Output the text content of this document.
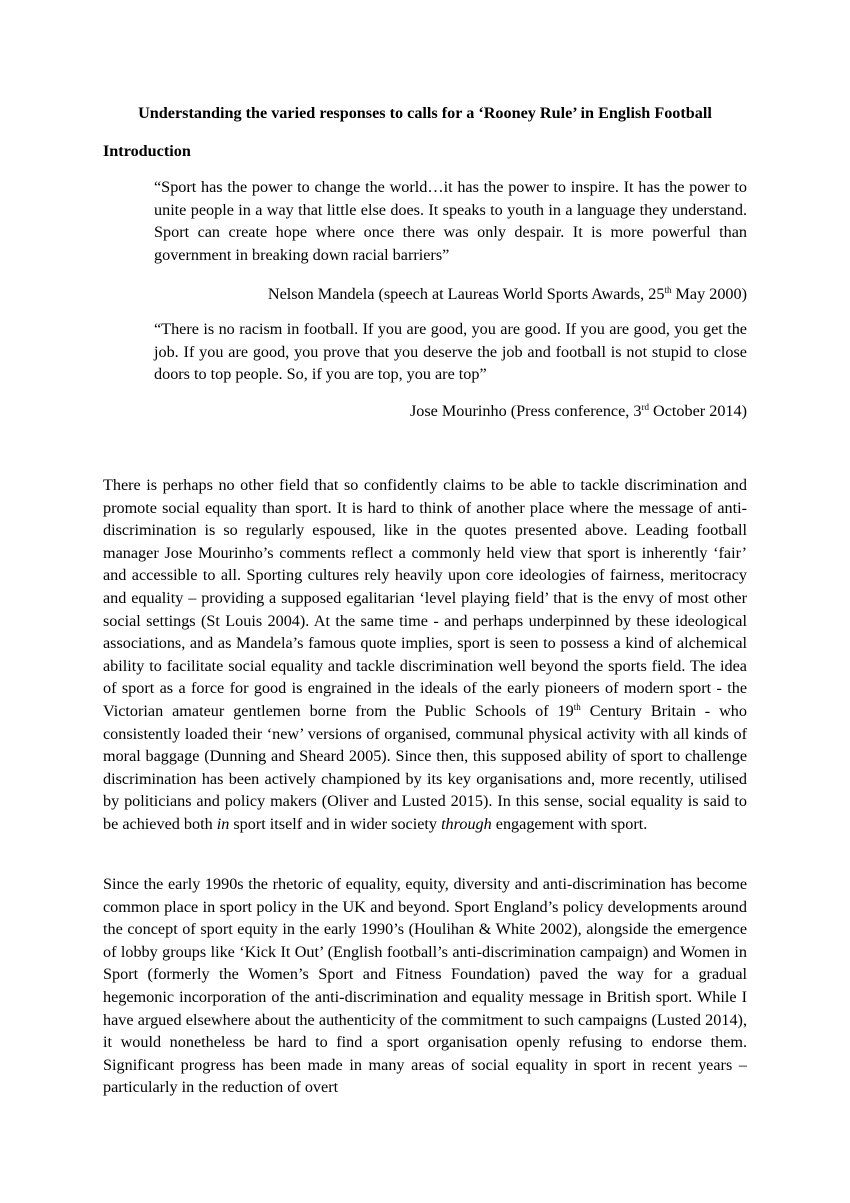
Understanding the varied responses to calls for a ‘Rooney Rule’ in English Football

Introduction

“Sport has the power to change the world…it has the power to inspire. It has the power to unite people in a way that little else does. It speaks to youth in a language they understand. Sport can create hope where once there was only despair. It is more powerful than government in breaking down racial barriers”

Nelson Mandela (speech at Laureas World Sports Awards, 25th May 2000)

“There is no racism in football. If you are good, you are good. If you are good, you get the job. If you are good, you prove that you deserve the job and football is not stupid to close doors to top people. So, if you are top, you are top”

Jose Mourinho (Press conference, 3rd October 2014)

There is perhaps no other field that so confidently claims to be able to tackle discrimination and promote social equality than sport. It is hard to think of another place where the message of anti-discrimination is so regularly espoused, like in the quotes presented above. Leading football manager Jose Mourinho’s comments reflect a commonly held view that sport is inherently ‘fair’ and accessible to all. Sporting cultures rely heavily upon core ideologies of fairness, meritocracy and equality – providing a supposed egalitarian ‘level playing field’ that is the envy of most other social settings (St Louis 2004). At the same time - and perhaps underpinned by these ideological associations, and as Mandela’s famous quote implies, sport is seen to possess a kind of alchemical ability to facilitate social equality and tackle discrimination well beyond the sports field. The idea of sport as a force for good is engrained in the ideals of the early pioneers of modern sport - the Victorian amateur gentlemen borne from the Public Schools of 19th Century Britain - who consistently loaded their ‘new’ versions of organised, communal physical activity with all kinds of moral baggage (Dunning and Sheard 2005). Since then, this supposed ability of sport to challenge discrimination has been actively championed by its key organisations and, more recently, utilised by politicians and policy makers (Oliver and Lusted 2015). In this sense, social equality is said to be achieved both in sport itself and in wider society through engagement with sport.

Since the early 1990s the rhetoric of equality, equity, diversity and anti-discrimination has become common place in sport policy in the UK and beyond. Sport England’s policy developments around the concept of sport equity in the early 1990’s (Houlihan & White 2002), alongside the emergence of lobby groups like ‘Kick It Out’ (English football’s anti-discrimination campaign) and Women in Sport (formerly the Women’s Sport and Fitness Foundation) paved the way for a gradual hegemonic incorporation of the anti-discrimination and equality message in British sport. While I have argued elsewhere about the authenticity of the commitment to such campaigns (Lusted 2014), it would nonetheless be hard to find a sport organisation openly refusing to endorse them. Significant progress has been made in many areas of social equality in sport in recent years – particularly in the reduction of overt
